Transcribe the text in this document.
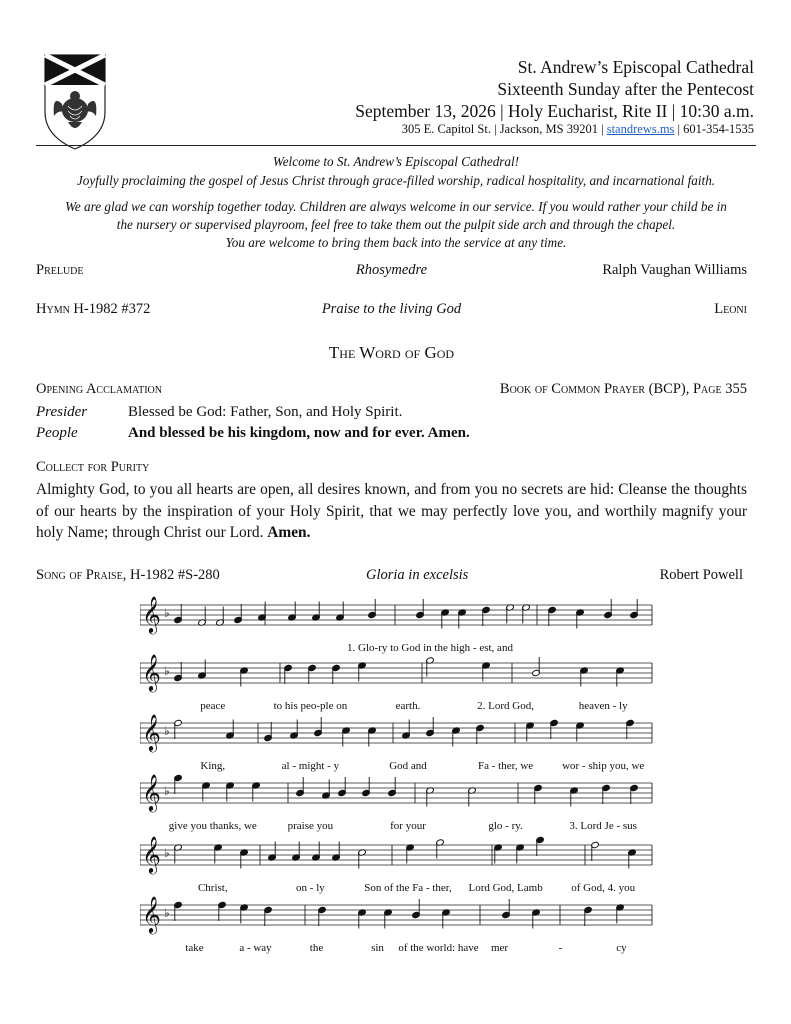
St. Andrew’s Episcopal Cathedral
Sixteenth Sunday after the Pentecost
September 13, 2026 | Holy Eucharist, Rite II | 10:30 a.m.
305 E. Capitol St. | Jackson, MS 39201 | standrews.ms | 601-354-1535
Welcome to St. Andrew’s Episcopal Cathedral!
Joyfully proclaiming the gospel of Jesus Christ through grace-filled worship, radical hospitality, and incarnational faith.
We are glad we can worship together today. Children are always welcome in our service. If you would rather your child be in
the nursery or supervised playroom, feel free to take them out the pulpit side arch and through the chapel.
You are welcome to bring them back into the service at any time.
Prelude	Rhosymedre	Ralph Vaughan Williams
Hymn H-1982 #372	Praise to the living God	Leoni
The Word of God
Opening Acclamation	Book of Common Prayer (BCP), Page 355
Presider	Blessed be God: Father, Son, and Holy Spirit.
People	And blessed be his kingdom, now and for ever. Amen.
Collect for Purity
Almighty God, to you all hearts are open, all desires known, and from you no secrets are hid: Cleanse the thoughts of our hearts by the inspiration of your Holy Spirit, that we may perfectly love you, and worthily magnify your holy Name; through Christ our Lord. Amen.
Song of Praise, H-1982 #S-280	Gloria in excelsis	Robert Powell
𝄞 ♭
1. Glo-ry to God in the high - est, and
𝄞 ♭
peace	to his peo-ple on	earth.	2. Lord God,	heaven - ly
𝄞 ♭
King,	al - might - y	God and	Fa - ther, we	wor - ship you, we
𝄞 ♭
give you thanks, we	praise you	for your	glo - ry.	3. Lord Je - sus
𝄞 ♭
Christ,	on - ly	Son of the Fa - ther, Lord God, Lamb	of God, 4. you
𝄞 ♭
take	a - way	the	sin of the world: have mer	-	cy
